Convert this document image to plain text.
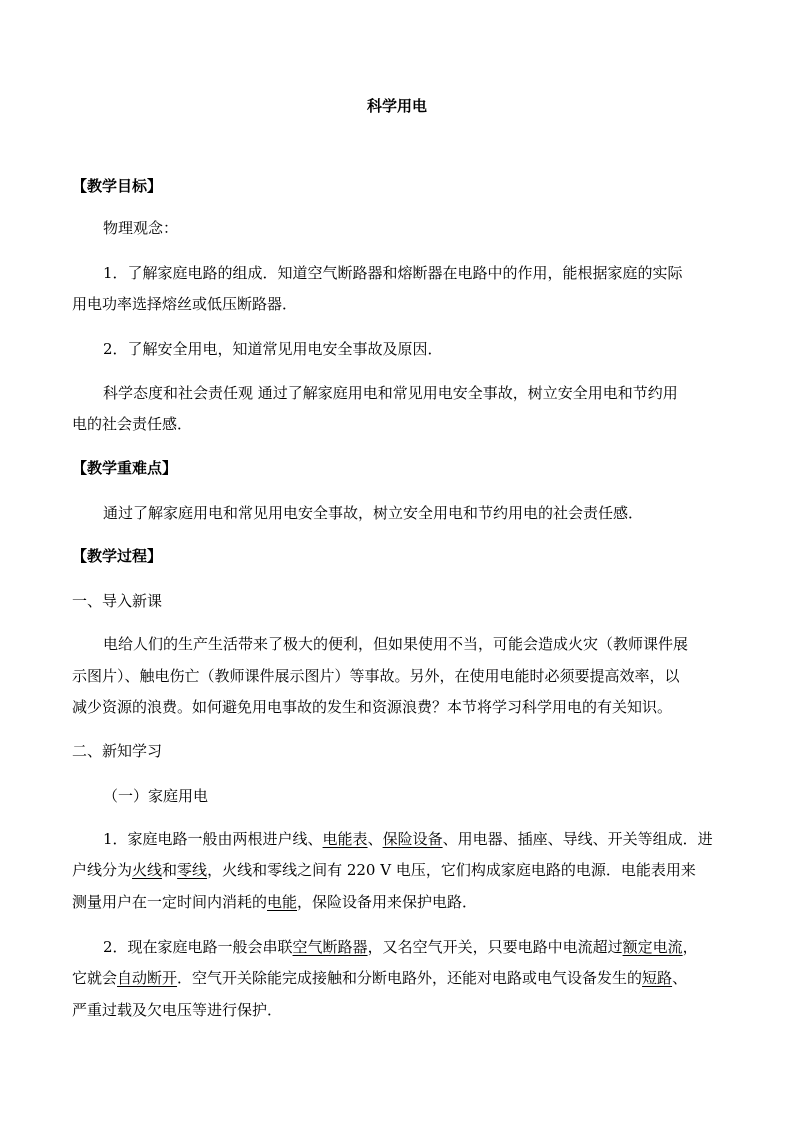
科学用电
【教学目标】
物理观念：
1．了解家庭电路的组成．知道空气断路器和熔断器在电路中的作用，能根据家庭的实际
用电功率选择熔丝或低压断路器．
2．了解安全用电，知道常见用电安全事故及原因．
科学态度和社会责任观 通过了解家庭用电和常见用电安全事故，树立安全用电和节约用
电的社会责任感．
【教学重难点】
通过了解家庭用电和常见用电安全事故，树立安全用电和节约用电的社会责任感．
【教学过程】
一、导入新课
电给人们的生产生活带来了极大的便利，但如果使用不当，可能会造成火灾（教师课件展
示图片）、触电伤亡（教师课件展示图片）等事故。另外，在使用电能时必须要提高效率，以
减少资源的浪费。如何避免用电事故的发生和资源浪费？本节将学习科学用电的有关知识。
二、新知学习
（一）家庭用电
1．家庭电路一般由两根进户线、电能表、保险设备、用电器、插座、导线、开关等组成．进
户线分为火线和零线，火线和零线之间有 220 V 电压，它们构成家庭电路的电源．电能表用来
测量用户在一定时间内消耗的电能，保险设备用来保护电路．
2．现在家庭电路一般会串联空气断路器，又名空气开关，只要电路中电流超过额定电流，
它就会自动断开．空气开关除能完成接触和分断电路外，还能对电路或电气设备发生的短路、
严重过载及欠电压等进行保护．
